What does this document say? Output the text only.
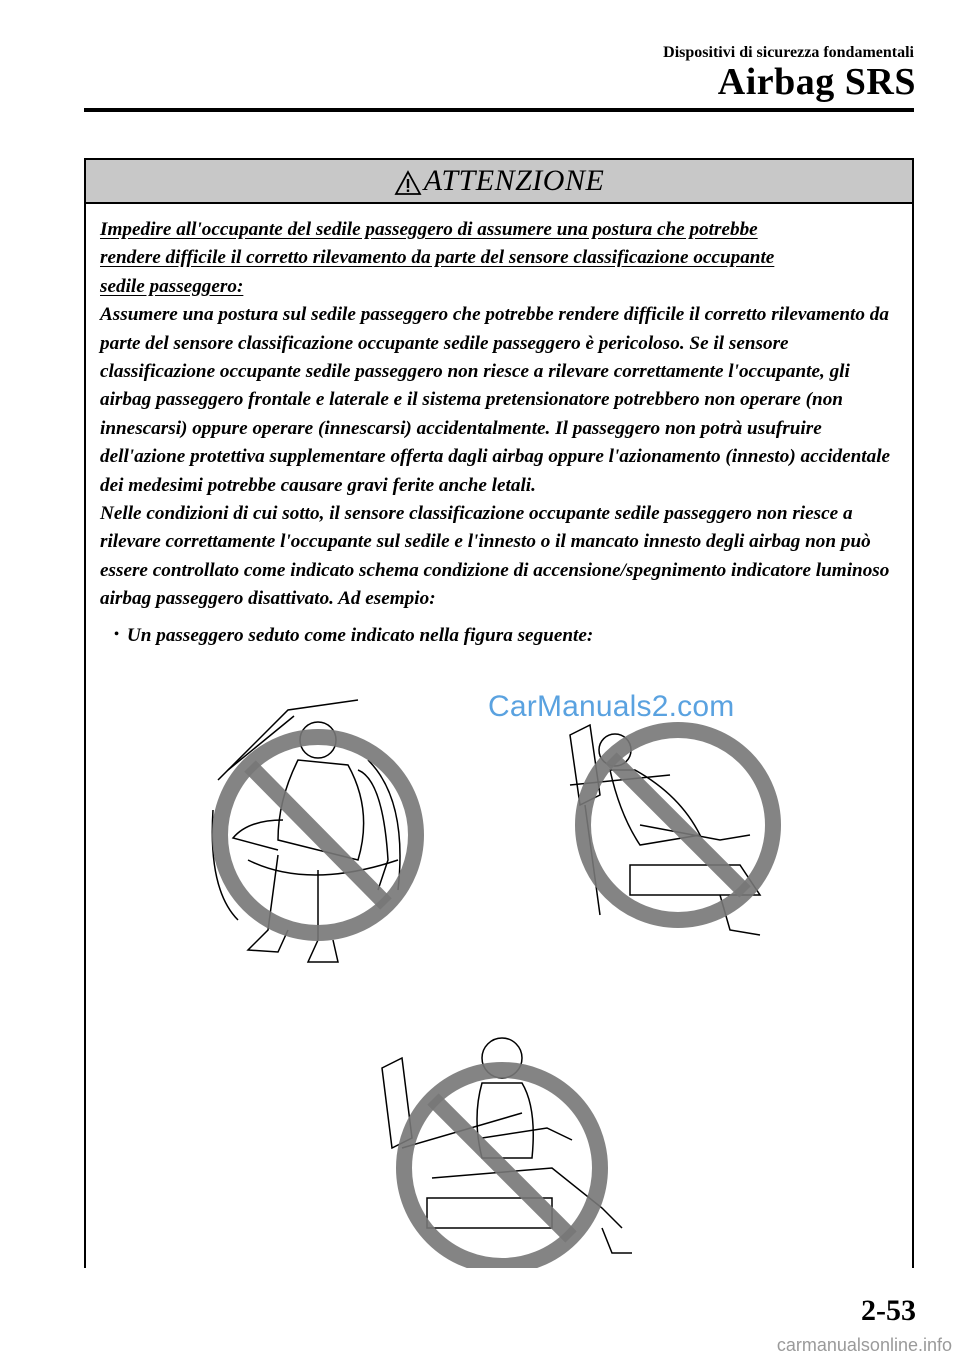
Dispositivi di sicurezza fondamentali
Airbag SRS
ATTENZIONE

Impedire all'occupante del sedile passeggero di assumere una postura che potrebbe
rendere difficile il corretto rilevamento da parte del sensore classificazione occupante
sedile passeggero:

Assumere una postura sul sedile passeggero che potrebbe rendere difficile il corretto rilevamento da parte del sensore classificazione occupante sedile passeggero è pericoloso. Se il sensore classificazione occupante sedile passeggero non riesce a rilevare correttamente l'occupante, gli airbag passeggero frontale e laterale e il sistema pretensionatore potrebbero non operare (non innescarsi) oppure operare (innescarsi) accidentalmente. Il passeggero non potrà usufruire dell'azione protettiva supplementare offerta dagli airbag oppure l'azionamento (innesto) accidentale dei medesimi potrebbe causare gravi ferite anche letali.

Nelle condizioni di cui sotto, il sensore classificazione occupante sedile passeggero non riesce a rilevare correttamente l'occupante sul sedile e l'innesto o il mancato innesto degli airbag non può essere controllato come indicato schema condizione di accensione/spegnimento indicatore luminoso airbag passeggero disattivato. Ad esempio:

• Un passeggero seduto come indicato nella figura seguente:

CarManuals2.com
2-53
carmanualsonline.info
